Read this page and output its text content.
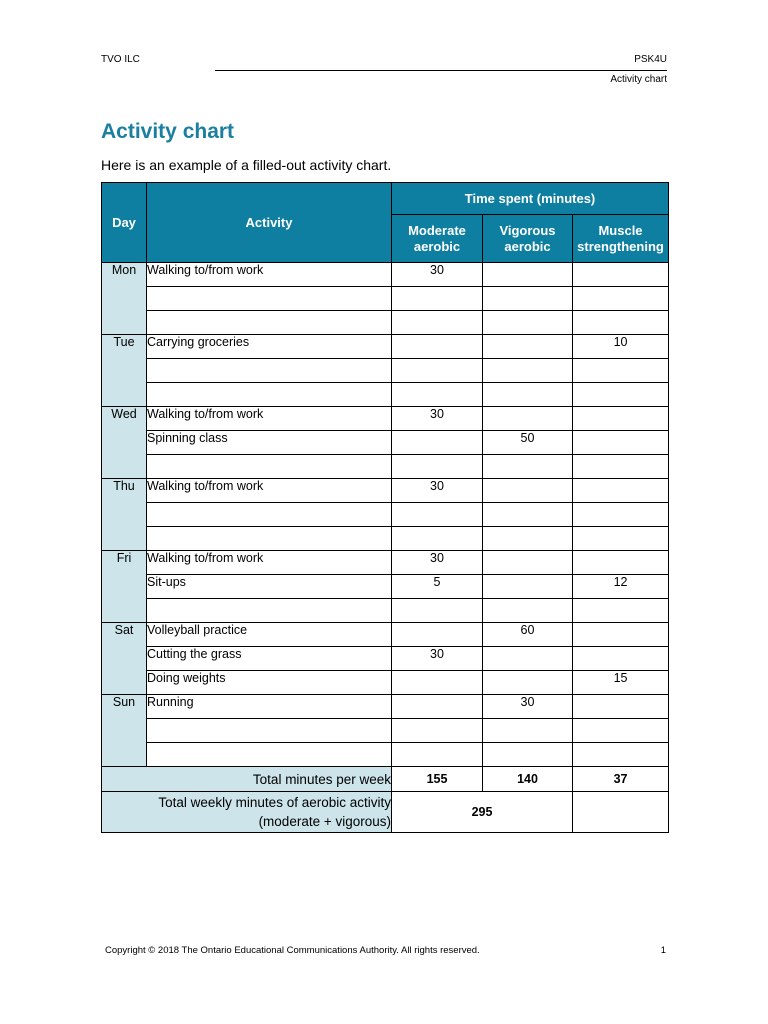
TVO ILC	PSK4U
Activity chart
Activity chart

Here is an example of a filled-out activity chart.

Day	Activity	Time spent (minutes)		
		Moderate aerobic	Vigorous aerobic	Muscle strengthening
Mon	Walking to/from work	30		

Tue	Carrying groceries			10

Wed	Walking to/from work	30		
	Spinning class		50	

Thu	Walking to/from work	30		

Fri	Walking to/from work	30		
	Sit-ups	5		12

Sat	Volleyball practice		60	
	Cutting the grass	30		
	Doing weights			15
Sun	Running		30	

Total minutes per week		155	140	37
Total weekly minutes of aerobic activity
(moderate + vigorous)		295		
Copyright © 2018 The Ontario Educational Communications Authority. All rights reserved.	1
